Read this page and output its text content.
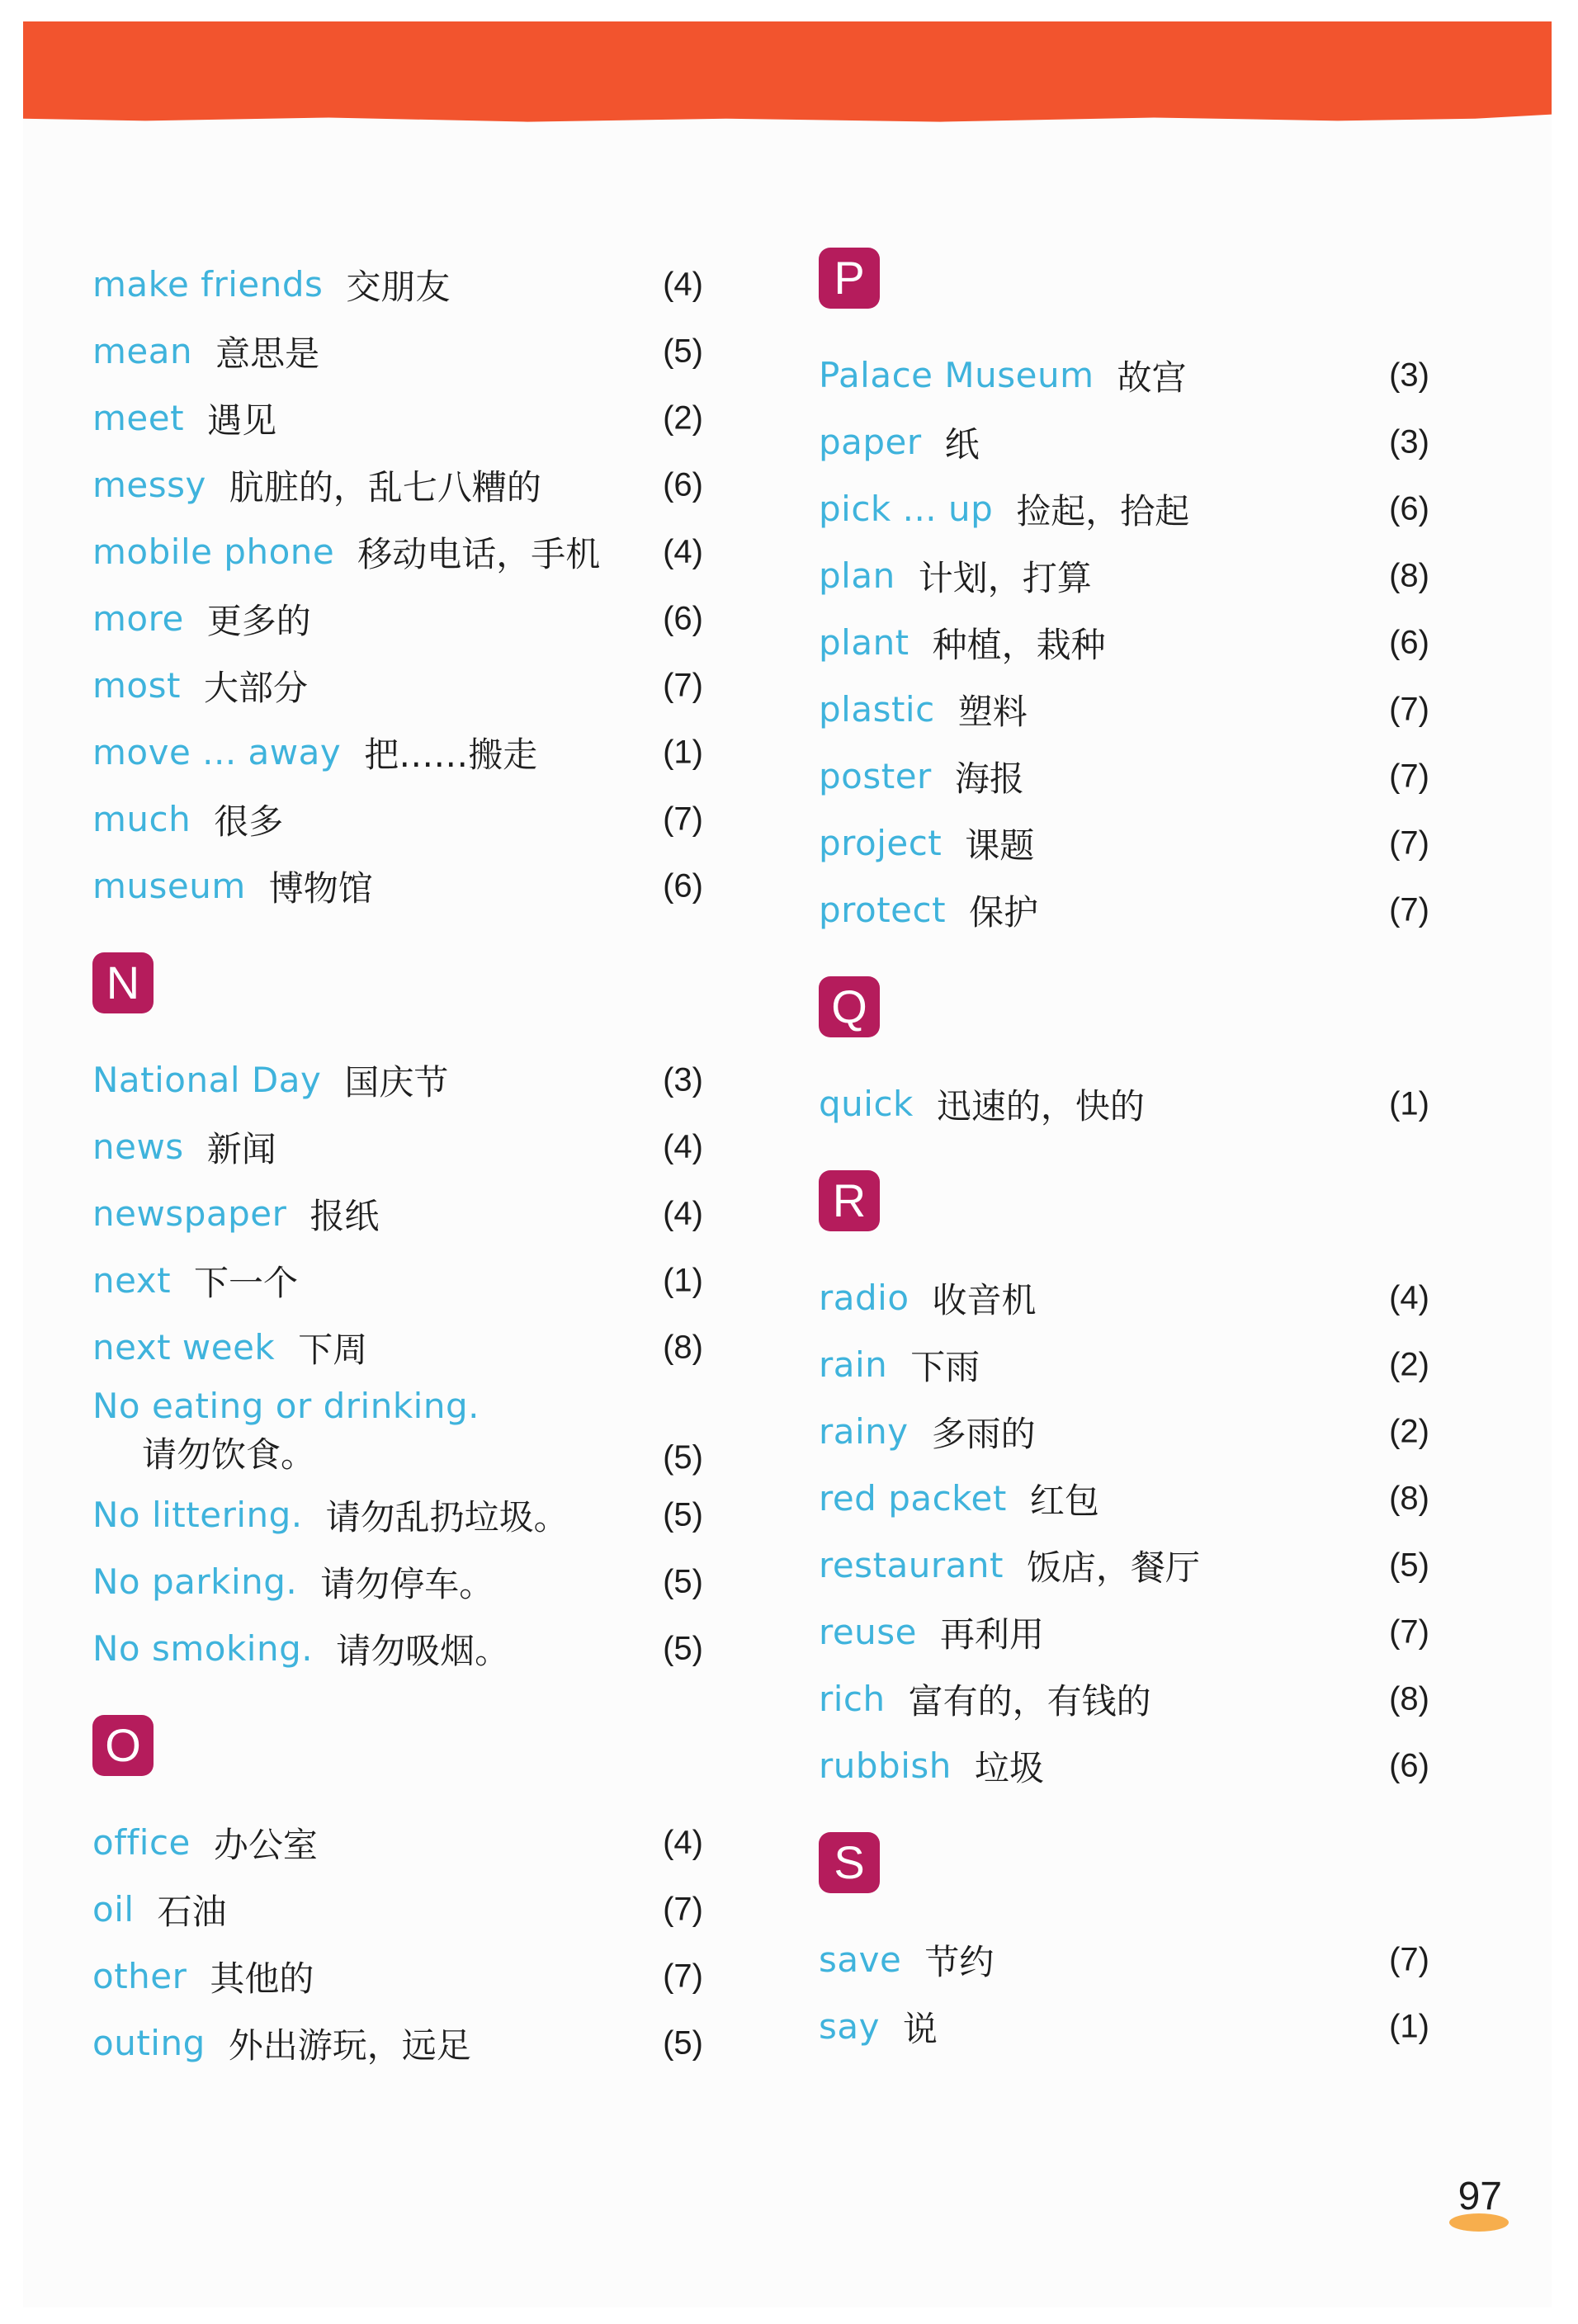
make friends 交朋友	(4)
mean 意思是	(5)
meet 遇见	(2)
messy 肮脏的，乱七八糟的	(6)
mobile phone 移动电话，手机 (4)
more 更多的	(6)
most 大部分	(7)
move ... away 把……搬走	(1)
much 很多	(7)
museum 博物馆	(6)
N
National Day 国庆节	(3)
news 新闻	(4)
newspaper 报纸	(4)
next 下一个	(1)
next week 下周	(8)
No eating or drinking.
请勿饮食。	(5)
No littering. 请勿乱扔垃圾。	(5)
No parking. 请勿停车。	(5)
No smoking. 请勿吸烟。	(5)
O
office 办公室	(4)
oil 石油	(7)
other 其他的	(7)
outing 外出游玩，远足	(5)
P
Palace Museum 故宫	(3)
paper 纸	(3)
pick ... up 捡起，拾起	(6)
plan 计划，打算	(8)
plant 种植，栽种	(6)
plastic 塑料	(7)
poster 海报	(7)
project 课题	(7)
protect 保护	(7)
Q
quick 迅速的，快的	(1)
R
radio 收音机	(4)
rain 下雨	(2)
rainy 多雨的	(2)
red packet 红包	(8)
restaurant 饭店，餐厅	(5)
reuse 再利用	(7)
rich 富有的，有钱的	(8)
rubbish 垃圾	(6)
S
save 节约	(7)
say 说	(1)
97
